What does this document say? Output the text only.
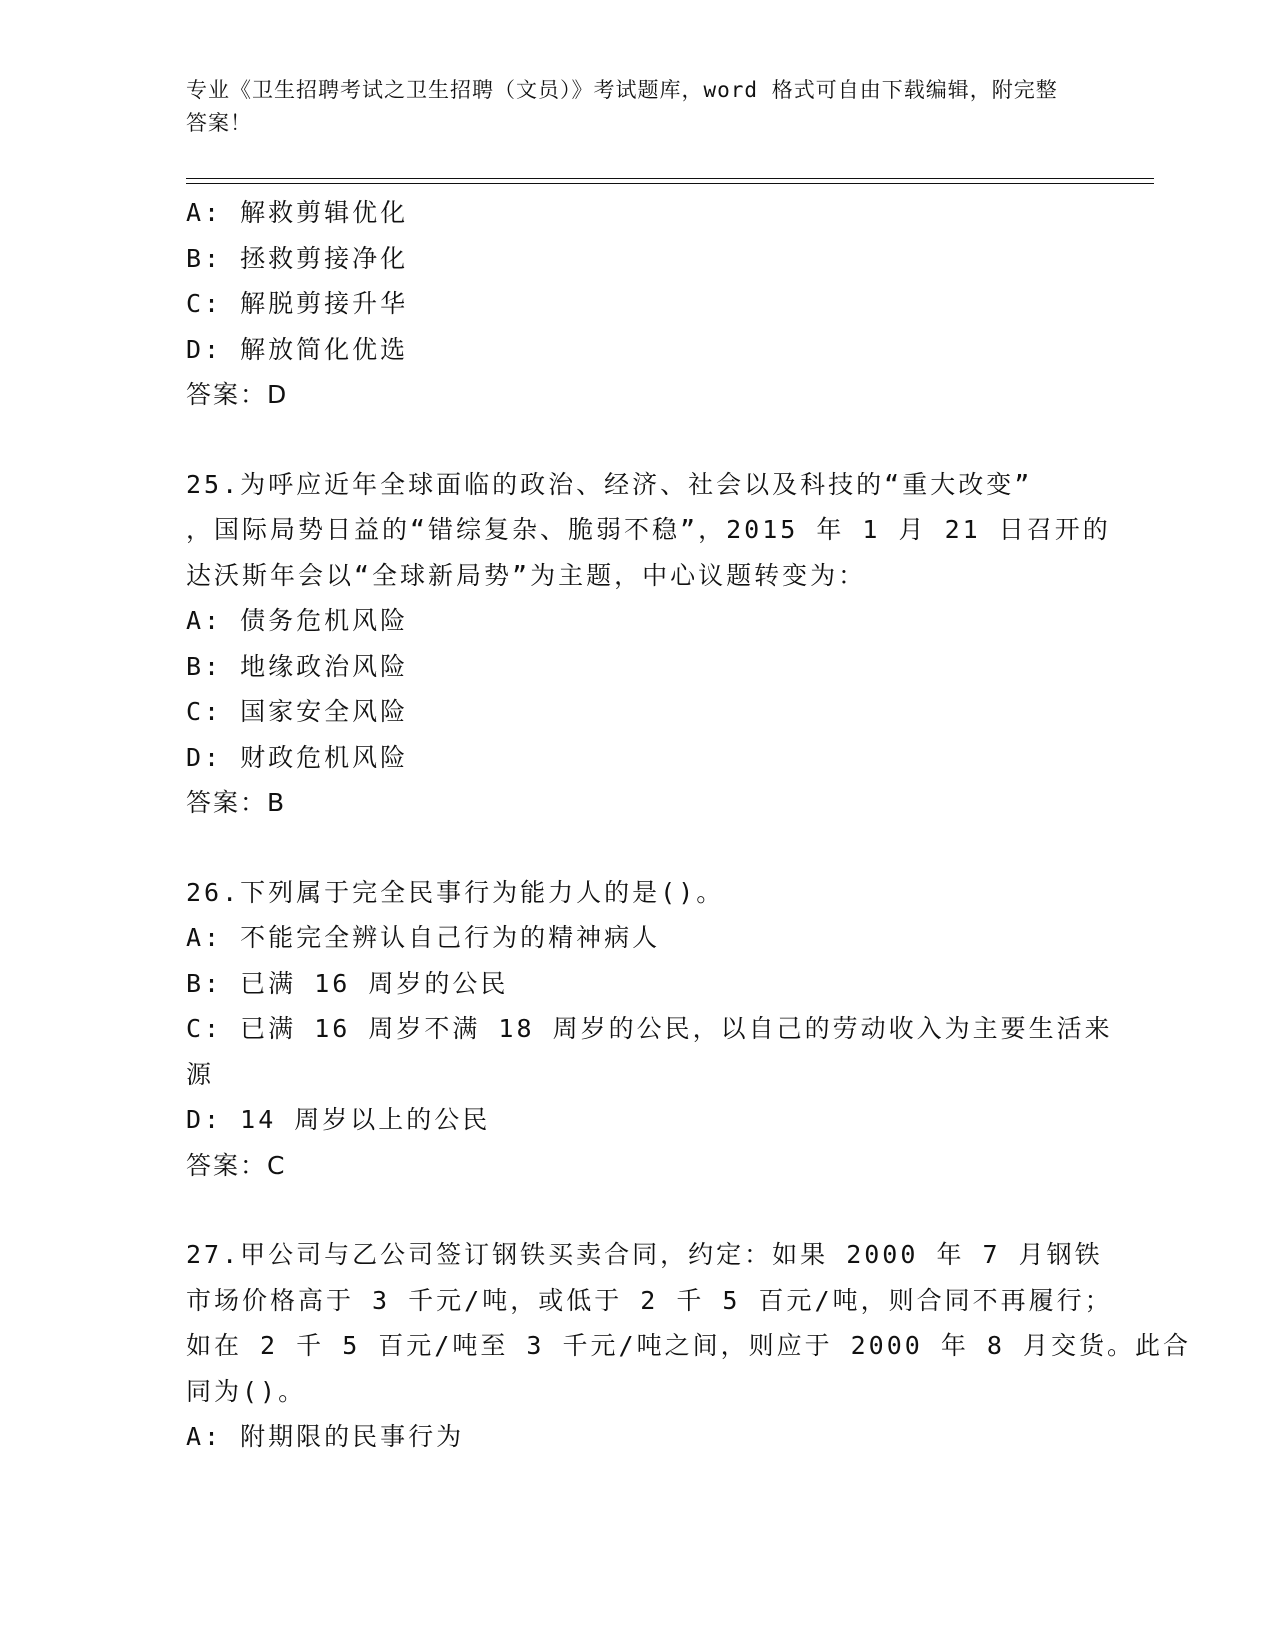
专业《卫生招聘考试之卫生招聘（文员）》考试题库，word 格式可自由下载编辑，附完整答案！
A: 解救剪辑优化
B: 拯救剪接净化
C: 解脱剪接升华
D: 解放简化优选
答案：D
25.为呼应近年全球面临的政治、经济、社会以及科技的“重大改变”
，国际局势日益的“错综复杂、脆弱不稳”，2015 年 1 月 21 日召开的
达沃斯年会以“全球新局势”为主题，中心议题转变为：
A: 债务危机风险
B: 地缘政治风险
C: 国家安全风险
D: 财政危机风险
答案：B
26.下列属于完全民事行为能力人的是()。
A: 不能完全辨认自己行为的精神病人
B: 已满 16 周岁的公民
C: 已满 16 周岁不满 18 周岁的公民，以自己的劳动收入为主要生活来
源
D: 14 周岁以上的公民
答案：C
27.甲公司与乙公司签订钢铁买卖合同，约定：如果 2000 年 7 月钢铁
市场价格高于 3 千元/吨，或低于 2 千 5 百元/吨，则合同不再履行；
如在 2 千 5 百元/吨至 3 千元/吨之间，则应于 2000 年 8 月交货。此合
同为()。
A: 附期限的民事行为
